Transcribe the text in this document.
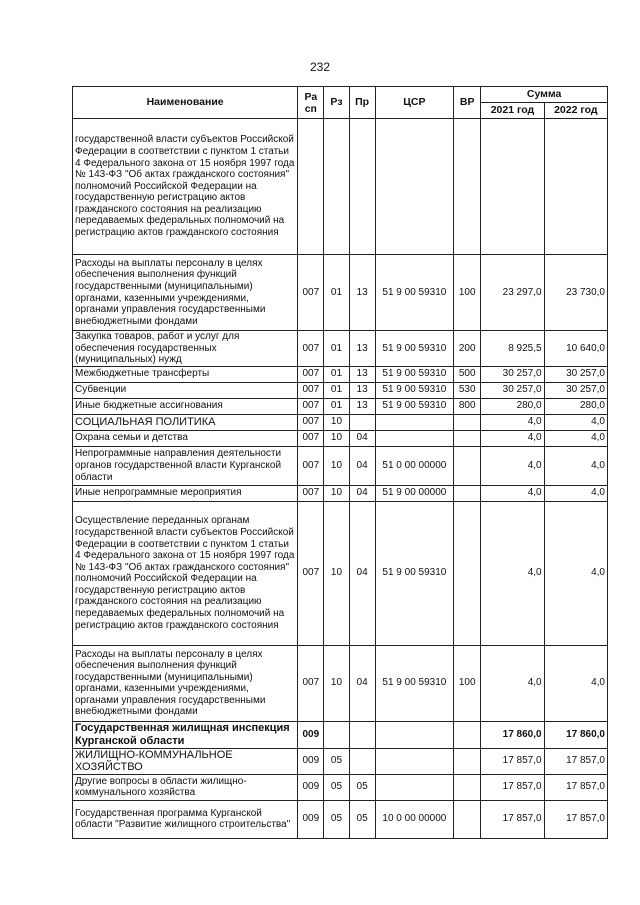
232
Наименование	Ра сп	Рз	Пр	ЦСР	ВР	Сумма	
						2021 год	2022 год
государственной власти субъектов Российской Федерации в соответствии с пунктом 1 статьи 4 Федерального закона от 15 ноября 1997 года № 143-ФЗ "Об актах гражданского состояния" полномочий Российской Федерации на государственную регистрацию актов гражданского состояния на реализацию передаваемых федеральных полномочий на регистрацию актов гражданского состояния							
Расходы на выплаты персоналу в целях обеспечения выполнения функций государственными (муниципальными) органами, казенными учреждениями, органами управления государственными внебюджетными фондами	007	01	13	51 9 00 59310	100	23 297,0	23 730,0
Закупка товаров, работ и услуг для обеспечения государственных (муниципальных) нужд	007	01	13	51 9 00 59310	200	8 925,5	10 640,0
Межбюджетные трансферты	007	01	13	51 9 00 59310	500	30 257,0	30 257,0
Субвенции	007	01	13	51 9 00 59310	530	30 257,0	30 257,0
Иные бюджетные ассигнования	007	01	13	51 9 00 59310	800	280,0	280,0
СОЦИАЛЬНАЯ ПОЛИТИКА	007	10				4,0	4,0
Охрана семьи и детства	007	10	04			4,0	4,0
Непрограммные направления деятельности органов государственной власти Курганской области	007	10	04	51 0 00 00000		4,0	4,0
Иные непрограммные мероприятия	007	10	04	51 9 00 00000		4,0	4,0
Осуществление переданных органам государственной власти субъектов Российской Федерации в соответствии с пунктом 1 статьи 4 Федерального закона от 15 ноября 1997 года № 143-ФЗ "Об актах гражданского состояния" полномочий Российской Федерации на государственную регистрацию актов гражданского состояния на реализацию передаваемых федеральных полномочий на регистрацию актов гражданского состояния	007	10	04	51 9 00 59310		4,0	4,0
Расходы на выплаты персоналу в целях обеспечения выполнения функций государственными (муниципальными) органами, казенными учреждениями, органами управления государственными внебюджетными фондами	007	10	04	51 9 00 59310	100	4,0	4,0
Государственная жилищная инспекция Курганской области	009					17 860,0	17 860,0
ЖИЛИЩНО-КОММУНАЛЬНОЕ ХОЗЯЙСТВО	009	05				17 857,0	17 857,0
Другие вопросы в области жилищно-коммунального хозяйства	009	05	05			17 857,0	17 857,0
Государственная программа Курганской области "Развитие жилищного строительства"	009	05	05	10 0 00 00000		17 857,0	17 857,0
